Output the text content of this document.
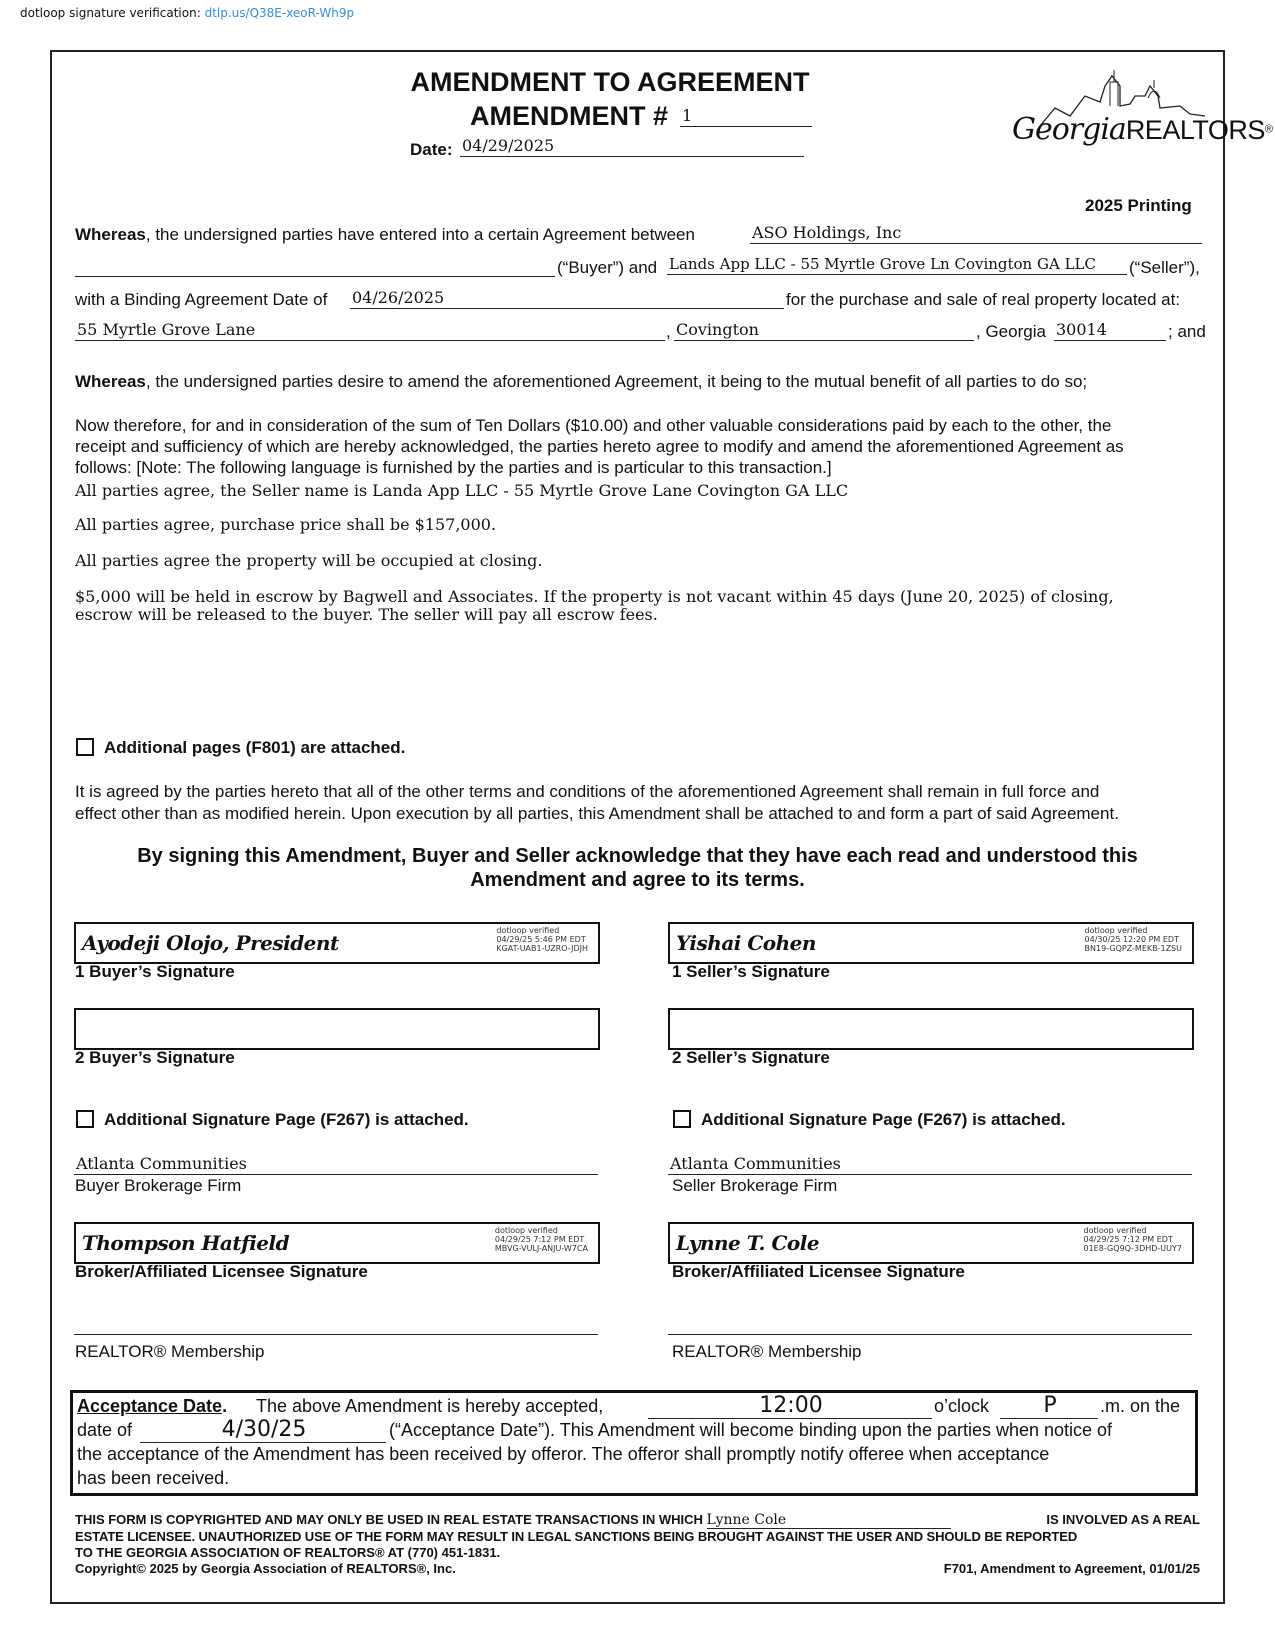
dotloop signature verification: dtlp.us/Q38E-xeoR-Wh9p
AMENDMENT TO AGREEMENT
AMENDMENT # 1
Date: 04/29/2025	GeorgiaREALTORS®
2025 Printing
Whereas, the undersigned parties have entered into a certain Agreement between	ASO Holdings, Inc
(“Buyer”) and Lands App LLC - 55 Myrtle Grove Ln Covington GA LLC	(“Seller”),
with a Binding Agreement Date of 04/26/2025	for the purchase and sale of real property located at:
55 Myrtle Grove Lane	, Covington	, Georgia 30014	; and
Whereas, the undersigned parties desire to amend the aforementioned Agreement, it being to the mutual benefit of all parties to do so;
Now therefore, for and in consideration of the sum of Ten Dollars ($10.00) and other valuable considerations paid by each to the other, the
receipt and sufficiency of which are hereby acknowledged, the parties hereto agree to modify and amend the aforementioned Agreement as
follows: [Note: The following language is furnished by the parties and is particular to this transaction.]
All parties agree, the Seller name is Landa App LLC - 55 Myrtle Grove Lane Covington GA LLC
All parties agree, purchase price shall be $157,000.
All parties agree the property will be occupied at closing.
$5,000 will be held in escrow by Bagwell and Associates. If the property is not vacant within 45 days (June 20, 2025) of closing,
escrow will be released to the buyer. The seller will pay all escrow fees.
Additional pages (F801) are attached.
It is agreed by the parties hereto that all of the other terms and conditions of the aforementioned Agreement shall remain in full force and
effect other than as modified herein. Upon execution by all parties, this Amendment shall be attached to and form a part of said Agreement.
By signing this Amendment, Buyer and Seller acknowledge that they have each read and understood this
Amendment and agree to its terms.
Ayodeji Olojo, President
dotloop verified
04/29/25 5:46 PM EDT
KGAT-UAB1-UZRO-JDJH
1 Buyer’s Signature
Yishai Cohen
dotloop verified
04/30/25 12:20 PM EDT
BN19-GQPZ-MEKB-1ZSU
1 Seller’s Signature
2 Buyer’s Signature	2 Seller’s Signature
Additional Signature Page (F267) is attached.	Additional Signature Page (F267) is attached.
Atlanta Communities
Buyer Brokerage Firm
Atlanta Communities
Seller Brokerage Firm
Thompson Hatfield
dotloop verified
04/29/25 7:12 PM EDT
MBVG-VULJ-ANJU-W7CA
Broker/Affiliated Licensee Signature
Lynne T. Cole
dotloop verified
04/29/25 7:12 PM EDT
01E8-GQ9Q-3DHD-UUY7
Broker/Affiliated Licensee Signature
REALTOR® Membership	REALTOR® Membership
Acceptance Date. The above Amendment is hereby accepted,	12:00	o’clock	P	.m. on the
date of	4/30/25	(“Acceptance Date”). This Amendment will become binding upon the parties when notice of
the acceptance of the Amendment has been received by offeror. The offeror shall promptly notify offeree when acceptance
has been received.
THIS FORM IS COPYRIGHTED AND MAY ONLY BE USED IN REAL ESTATE TRANSACTIONS IN WHICH Lynne Cole	IS INVOLVED AS A REAL
ESTATE LICENSEE. UNAUTHORIZED USE OF THE FORM MAY RESULT IN LEGAL SANCTIONS BEING BROUGHT AGAINST THE USER AND SHOULD BE REPORTED
TO THE GEORGIA ASSOCIATION OF REALTORS® AT (770) 451-1831.
Copyright© 2025 by Georgia Association of REALTORS®, Inc.	F701, Amendment to Agreement, 01/01/25
